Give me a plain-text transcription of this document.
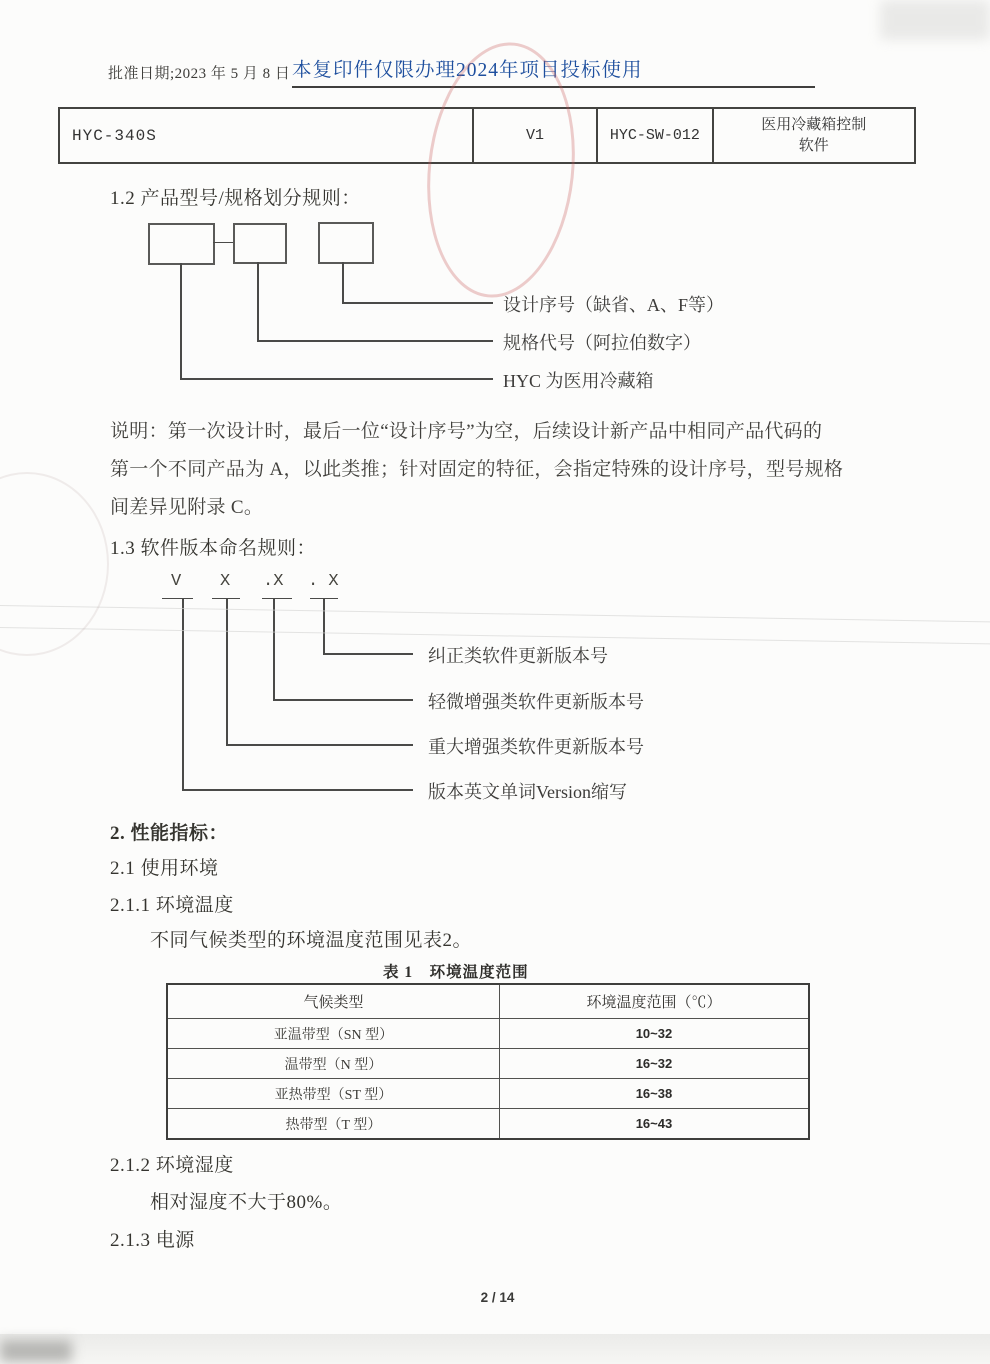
批准日期;2023 年 5 月 8 日 本复印件仅限办理2024年项目投标使用
HYC-340S	V1	HYC-SW-012
医用冷藏箱控制软件
1.2 产品型号/规格划分规则：
设计序号（缺省、A、F等）
规格代号（阿拉伯数字）
HYC 为医用冷藏箱
说明：第一次设计时，最后一位“设计序号”为空，后续设计新产品中相同产品代码的
第一个不同产品为 A，以此类推；针对固定的特征，会指定特殊的设计序号，型号规格
间差异见附录 C。
1.3 软件版本命名规则：
V X .X . X
纠正类软件更新版本号
轻微增强类软件更新版本号
重大增强类软件更新版本号
版本英文单词Version缩写
2. 性能指标：
2.1 使用环境
2.1.1 环境温度
不同气候类型的环境温度范围见表2。
表 1　环境温度范围
气候类型	环境温度范围（℃）
亚温带型（SN 型）	10~32
温带型（N 型）	16~32
亚热带型（ST 型）	16~38
热带型（T 型）	16~43
2.1.2 环境湿度
相对湿度不大于80%。
2.1.3 电源
2 / 14
